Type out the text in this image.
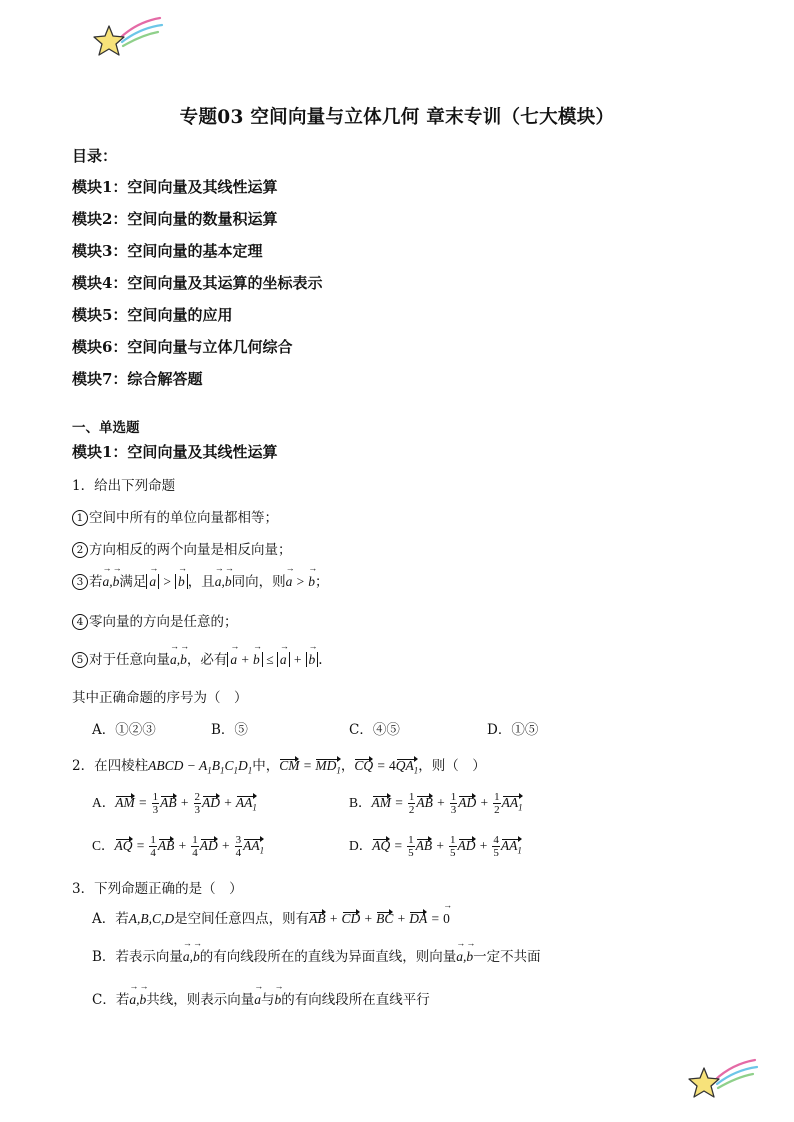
专题03 空间向量与立体几何 章末专训（七大模块）
目录：
模块1：空间向量及其线性运算
模块2：空间向量的数量积运算
模块3：空间向量的基本定理
模块4：空间向量及其运算的坐标表示
模块5：空间向量的应用
模块6：空间向量与立体几何综合
模块7：综合解答题
一、单选题
模块1：空间向量及其线性运算
1．给出下列命题
1 空间中所有的单位向量都相等；
2 方向相反的两个向量是相反向量；
3 若a →,b →满足 a → > b → ，且a →,b →同向，则a → > b →；
4 零向量的方向是任意的；
5 对于任意向量a →,b →，必有 a → + b → ≤ a → + b → .
其中正确命题的序号为（　）
A．①②③	B．⑤	C．④⑤	D．①⑤
2．在四棱柱ABCD − $A_1B_1C_1D_1$中，CM = $MD_1$，CQ = $4QA_1$，则（　）
A．AM = $\frac{1}{3}$ AB + $\frac{2}{3}$ AD + $AA_1$	B．AM = $\frac{1}{2}$ AB + $\frac{1}{3}$ AD + $\frac{1}{2} AA_1$
C．AQ = $\frac{1}{4}$ AB + $\frac{1}{4}$ AD + $\frac{3}{4} AA_1$	D．AQ = $\frac{1}{5}$ AB + $\frac{1}{5}$ AD + $\frac{4}{5} AA_1$
3．下列命题正确的是（　）
A．若A,B,C,D是空间任意四点，则有AB + CD + BC + DA = 0 →
B．若表示向量a →,b →的有向线段所在的直线为异面直线，则向量a →,b →一定不共面
C．若a →,b →共线，则表示向量a →与b →的有向线段所在直线平行
